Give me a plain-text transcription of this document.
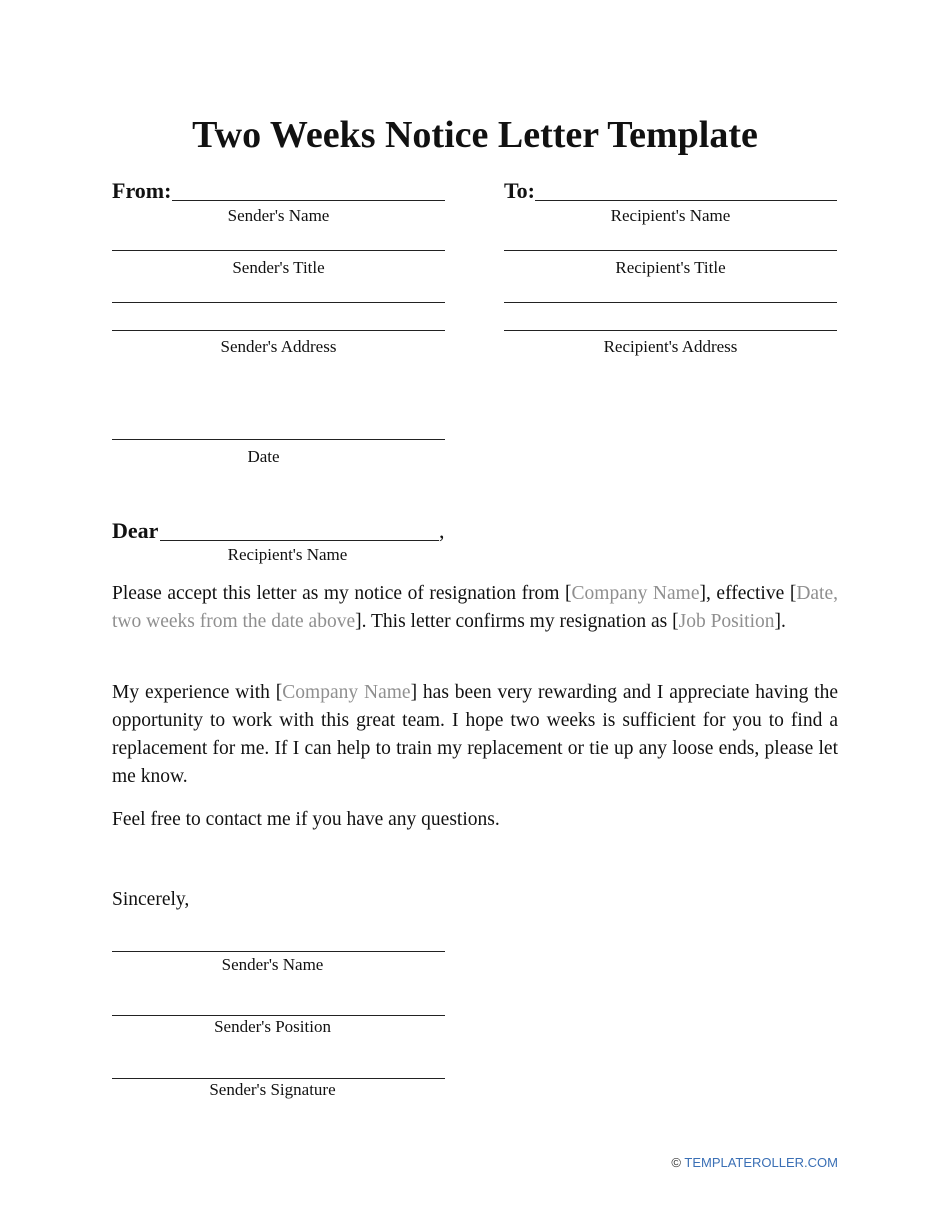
Two Weeks Notice Letter Template
From:
Sender's Name
Sender's Title
Sender's Address
Date
To:
Recipient's Name
Recipient's Title
Recipient's Address
Dear	,
Recipient's Name
Please accept this letter as my notice of resignation from [Company Name], effective [Date, two weeks from the date above]. This letter confirms my resignation as [Job Position].
My experience with [Company Name] has been very rewarding and I appreciate having the opportunity to work with this great team. I hope two weeks is sufficient for you to find a replacement for me. If I can help to train my replacement or tie up any loose ends, please let me know.
Feel free to contact me if you have any questions.
Sincerely,
Sender's Name
Sender's Position
Sender's Signature
© TEMPLATEROLLER.COM
